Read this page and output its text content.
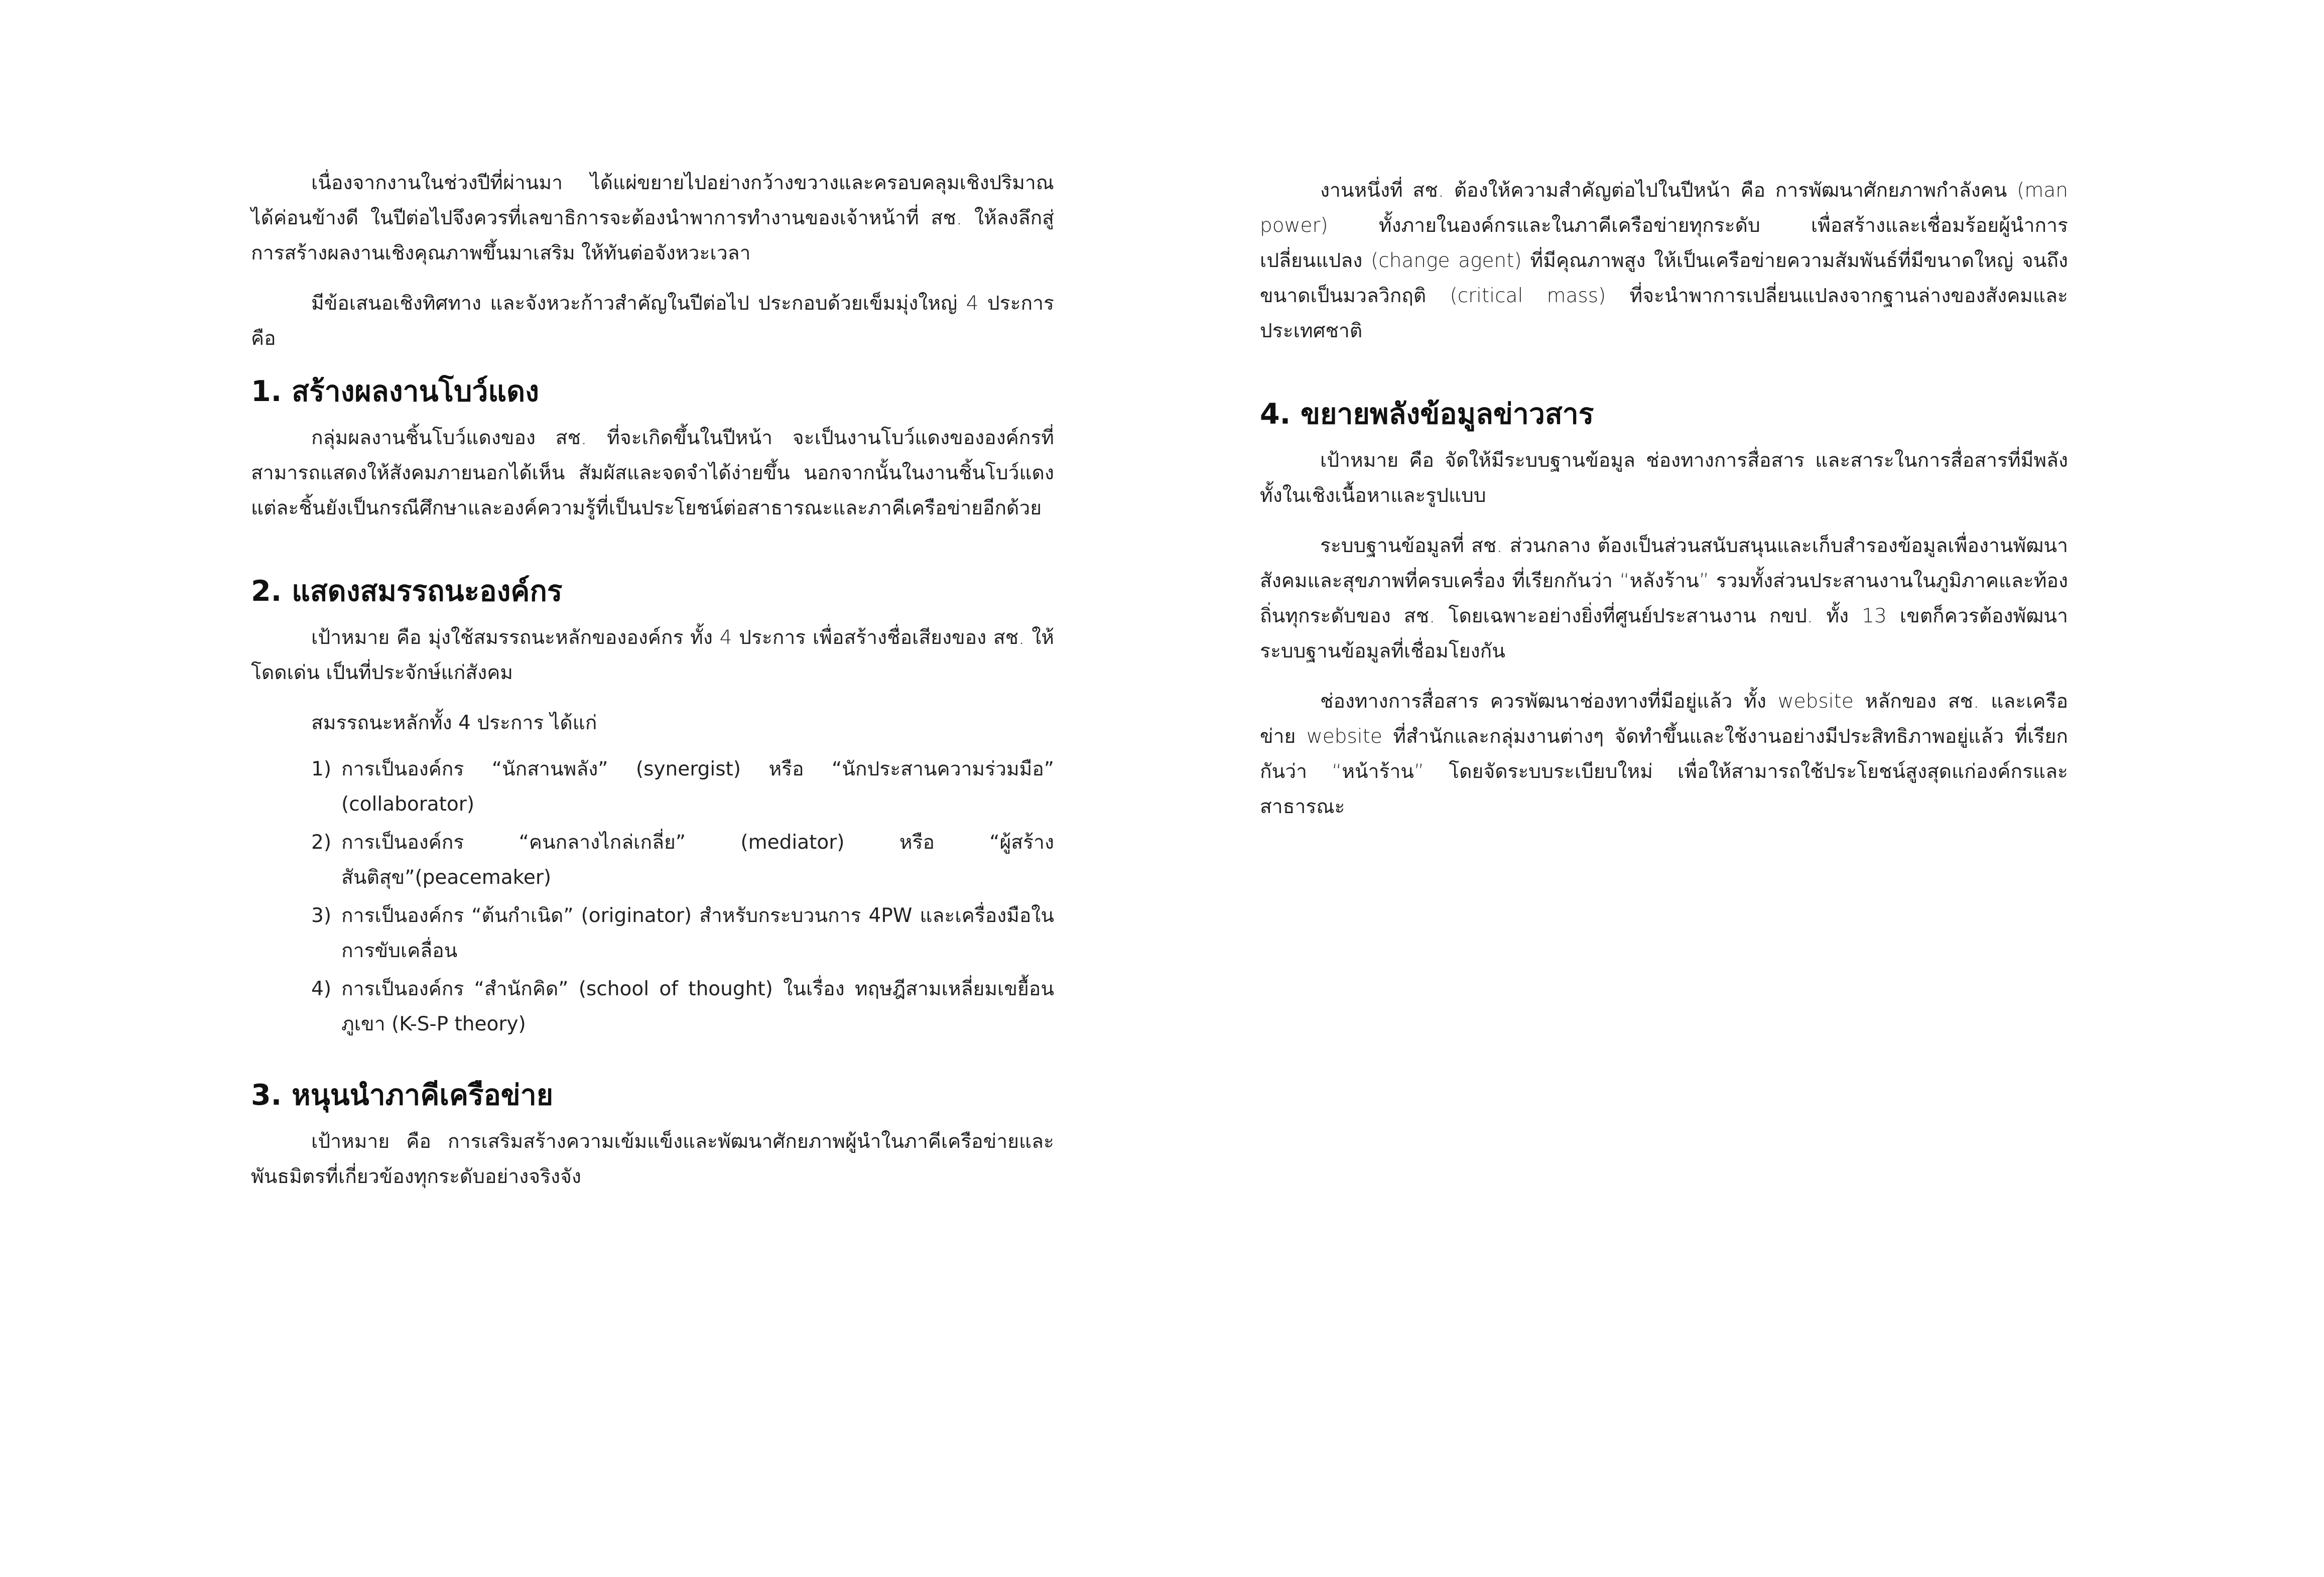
เนื่องจากงานในช่วงปีที่ผ่านมา ได้แผ่ขยายไปอย่างกว้างขวางและครอบคลุมเชิงปริมาณได้ค่อนข้างดี ในปีต่อไปจึงควรที่เลขาธิการจะต้องนำพาการทำงานของเจ้าหน้าที่ สช. ให้ลงลึกสู่การสร้างผลงานเชิงคุณภาพขึ้นมาเสริม ให้ทันต่อจังหวะเวลา

มีข้อเสนอเชิงทิศทาง และจังหวะก้าวสำคัญในปีต่อไป ประกอบด้วยเข็มมุ่งใหญ่ 4 ประการ คือ

1. สร้างผลงานโบว์แดง

กลุ่มผลงานชิ้นโบว์แดงของ สช. ที่จะเกิดขึ้นในปีหน้า จะเป็นงานโบว์แดงขององค์กรที่สามารถแสดงให้สังคมภายนอกได้เห็น สัมผัสและจดจำได้ง่ายขึ้น นอกจากนั้นในงานชิ้นโบว์แดงแต่ละชิ้นยังเป็นกรณีศึกษาและองค์ความรู้ที่เป็นประโยชน์ต่อสาธารณะและภาคีเครือข่ายอีกด้วย

2. แสดงสมรรถนะองค์กร

เป้าหมาย คือ มุ่งใช้สมรรถนะหลักขององค์กร ทั้ง 4 ประการ เพื่อสร้างชื่อเสียงของ สช. ให้โดดเด่น เป็นที่ประจักษ์แก่สังคม

สมรรถนะหลักทั้ง 4 ประการ ได้แก่

1) การเป็นองค์กร “นักสานพลัง” (synergist) หรือ “นักประสานความร่วมมือ” (collaborator)
2) การเป็นองค์กร “คนกลางไกล่เกลี่ย” (mediator) หรือ “ผู้สร้างสันติสุข”(peacemaker)
3) การเป็นองค์กร “ต้นกำเนิด” (originator) สำหรับกระบวนการ 4PW และเครื่องมือในการขับเคลื่อน
4) การเป็นองค์กร “สำนักคิด” (school of thought) ในเรื่อง ทฤษฎีสามเหลี่ยมเขยื้อนภูเขา (K-S-P theory)
3. หนุนนำภาคีเครือข่าย

เป้าหมาย คือ การเสริมสร้างความเข้มแข็งและพัฒนาศักยภาพผู้นำในภาคีเครือข่ายและพันธมิตรที่เกี่ยวข้องทุกระดับอย่างจริงจัง

งานหนึ่งที่ สช. ต้องให้ความสำคัญต่อไปในปีหน้า คือ การพัฒนาศักยภาพกำลังคน (man power) ทั้งภายในองค์กรและในภาคีเครือข่ายทุกระดับ เพื่อสร้างและเชื่อมร้อยผู้นำการเปลี่ยนแปลง (change agent) ที่มีคุณภาพสูง ให้เป็นเครือข่ายความสัมพันธ์ที่มีขนาดใหญ่ จนถึงขนาดเป็นมวลวิกฤติ (critical mass) ที่จะนำพาการเปลี่ยนแปลงจากฐานล่างของสังคมและประเทศชาติ

4. ขยายพลังข้อมูลข่าวสาร

เป้าหมาย คือ จัดให้มีระบบฐานข้อมูล ช่องทางการสื่อสาร และสาระในการสื่อสารที่มีพลังทั้งในเชิงเนื้อหาและรูปแบบ

ระบบฐานข้อมูลที่ สช. ส่วนกลาง ต้องเป็นส่วนสนับสนุนและเก็บสำรองข้อมูลเพื่องานพัฒนาสังคมและสุขภาพที่ครบเครื่อง ที่เรียกกันว่า “หลังร้าน” รวมทั้งส่วนประสานงานในภูมิภาคและท้องถิ่นทุกระดับของ สช. โดยเฉพาะอย่างยิ่งที่ศูนย์ประสานงาน กขป. ทั้ง 13 เขตก็ควรต้องพัฒนาระบบฐานข้อมูลที่เชื่อมโยงกัน

ช่องทางการสื่อสาร ควรพัฒนาช่องทางที่มีอยู่แล้ว ทั้ง website หลักของ สช. และเครือข่าย website ที่สำนักและกลุ่มงานต่างๆ จัดทำขึ้นและใช้งานอย่างมีประสิทธิภาพอยู่แล้ว ที่เรียกกันว่า “หน้าร้าน” โดยจัดระบบระเบียบใหม่ เพื่อให้สามารถใช้ประโยชน์สูงสุดแก่องค์กรและสาธารณะ
